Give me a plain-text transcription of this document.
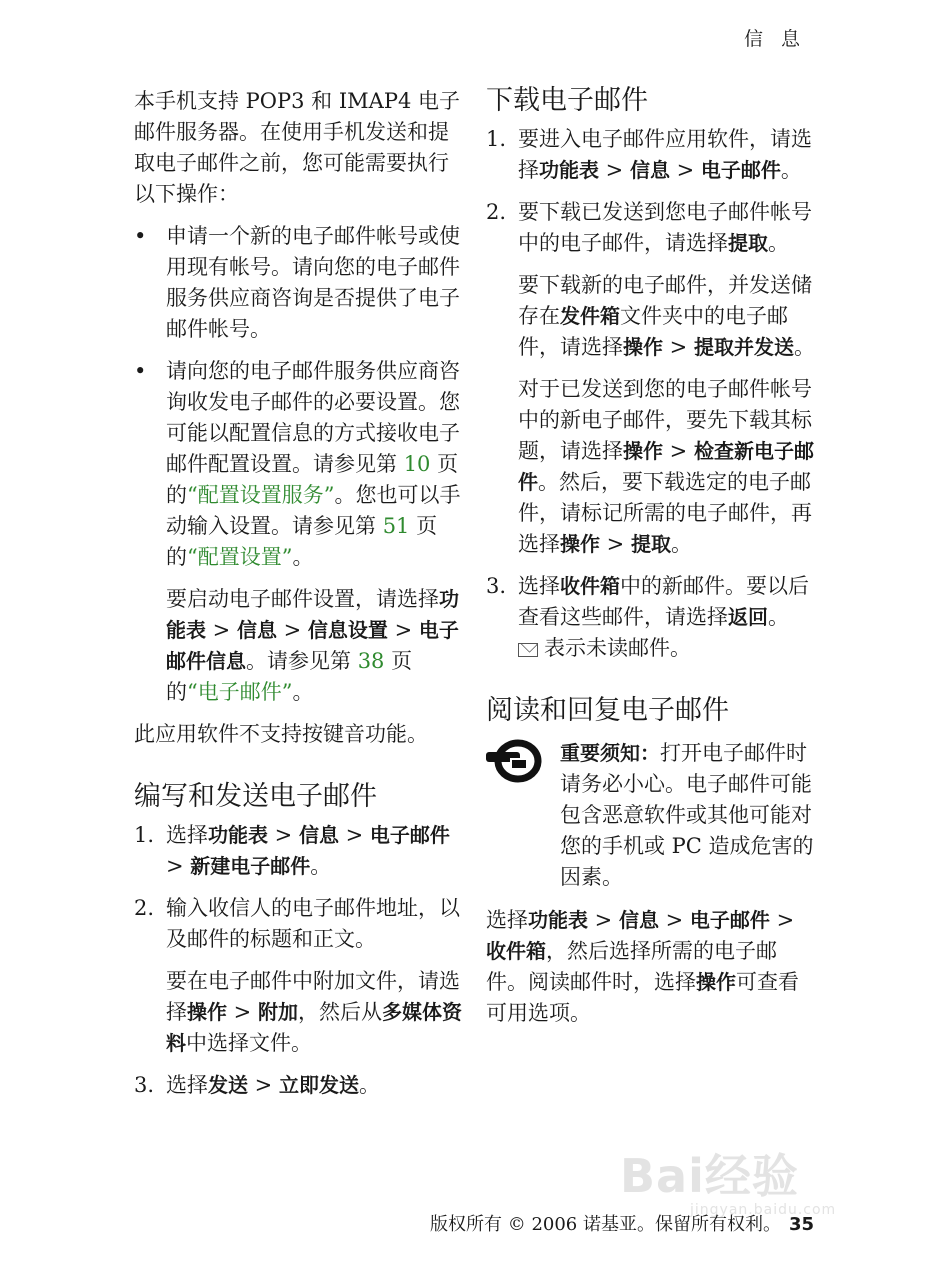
信 息

本手机支持 POP3 和 IMAP4 电子邮件服务器。在使用手机发送和提取电子邮件之前，您可能需要执行以下操作：

• 申请一个新的电子邮件帐号或使用现有帐号。请向您的电子邮件服务供应商咨询是否提供了电子邮件帐号。
• 请向您的电子邮件服务供应商咨询收发电子邮件的必要设置。您可能以配置信息的方式接收电子邮件配置设置。请参见第 10 页的“配置设置服务”。您也可以手动输入设置。请参见第 51 页的“配置设置”。

要启动电子邮件设置，请选择功能表 > 信息 > 信息设置 > 电子邮件信息。请参见第 38 页的“电子邮件”。

此应用软件不支持按键音功能。

编写和发送电子邮件
1. 选择功能表 > 信息 > 电子邮件 > 新建电子邮件。
2. 输入收信人的电子邮件地址，以及邮件的标题和正文。
要在电子邮件中附加文件，请选择操作 > 附加，然后从多媒体资料中选择文件。
3. 选择发送 > 立即发送。
下载电子邮件
1. 要进入电子邮件应用软件，请选择功能表 > 信息 > 电子邮件。
2. 要下载已发送到您电子邮件帐号中的电子邮件，请选择提取。
要下载新的电子邮件，并发送储存在发件箱文件夹中的电子邮件，请选择操作 > 提取并发送。
对于已发送到您的电子邮件帐号中的新电子邮件，要先下载其标题，请选择操作 > 检查新电子邮件。然后，要下载选定的电子邮件，请标记所需的电子邮件，再选择操作 > 提取。
3. 选择收件箱中的新邮件。要以后查看这些邮件，请选择返回。
表示未读邮件。
阅读和回复电子邮件
重要须知：打开电子邮件时请务必小心。电子邮件可能包含恶意软件或其他可能对您的手机或 PC 造成危害的因素。

选择功能表 > 信息 > 电子邮件 > 收件箱，然后选择所需的电子邮件。阅读邮件时，选择操作可查看可用选项。

Bai经验
jingyan.baidu.com
版权所有 © 2006 诺基亚。保留所有权利。 35
